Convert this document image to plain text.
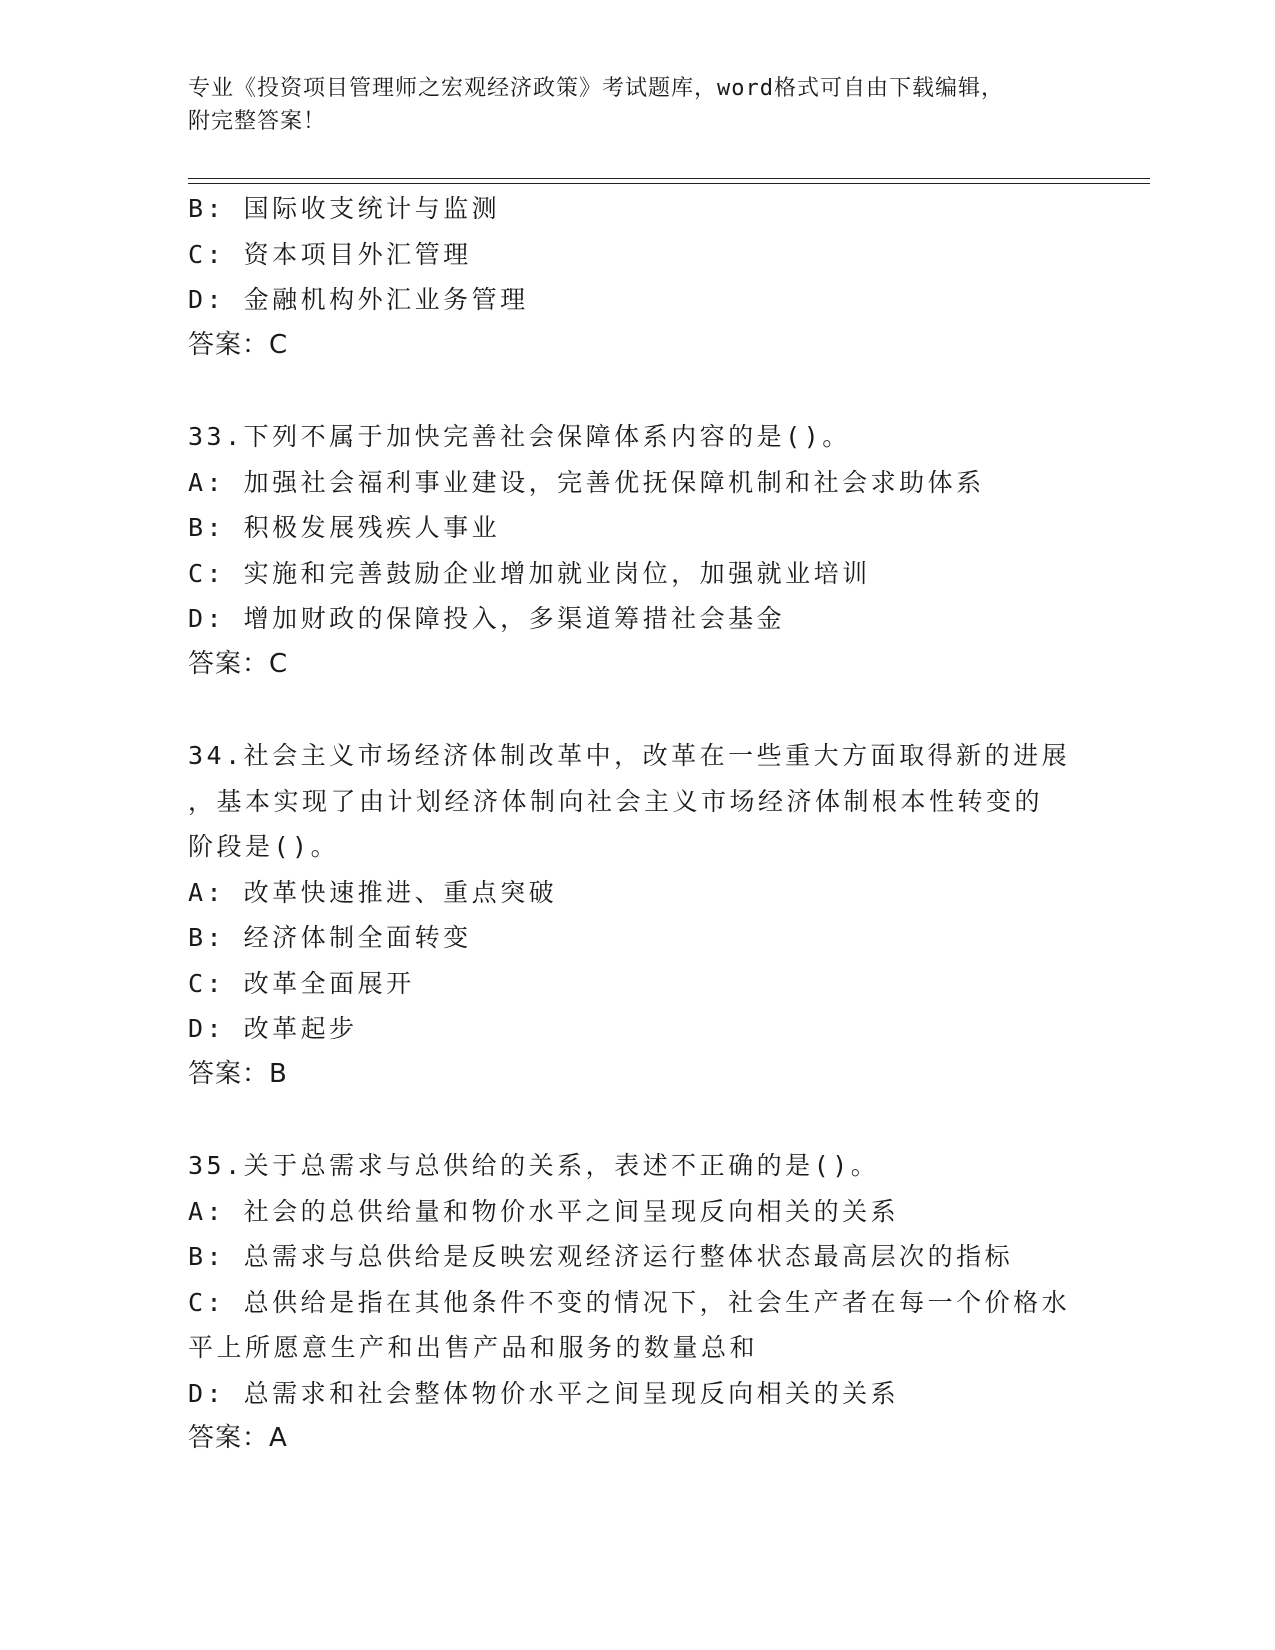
专业《投资项目管理师之宏观经济政策》考试题库，word格式可自由下载编辑，
附完整答案！
B: 国际收支统计与监测
C: 资本项目外汇管理
D: 金融机构外汇业务管理
答案：C
33.下列不属于加快完善社会保障体系内容的是()。
A: 加强社会福利事业建设，完善优抚保障机制和社会求助体系
B: 积极发展残疾人事业
C: 实施和完善鼓励企业增加就业岗位，加强就业培训
D: 增加财政的保障投入，多渠道筹措社会基金
答案：C
34.社会主义市场经济体制改革中，改革在一些重大方面取得新的进展
，基本实现了由计划经济体制向社会主义市场经济体制根本性转变的
阶段是()。
A: 改革快速推进、重点突破
B: 经济体制全面转变
C: 改革全面展开
D: 改革起步
答案：B
35.关于总需求与总供给的关系，表述不正确的是()。
A: 社会的总供给量和物价水平之间呈现反向相关的关系
B: 总需求与总供给是反映宏观经济运行整体状态最高层次的指标
C: 总供给是指在其他条件不变的情况下，社会生产者在每一个价格水
平上所愿意生产和出售产品和服务的数量总和
D: 总需求和社会整体物价水平之间呈现反向相关的关系
答案：A
